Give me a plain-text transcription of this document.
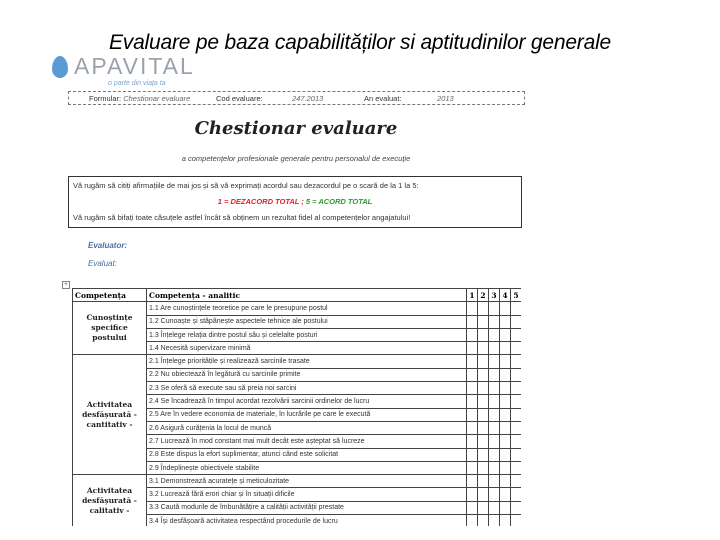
Evaluare pe baza capabilităților si aptitudinilor generale
APAVITAL
o parte din viața ta
Formular: Chestionar evaluare	Cod evaluare:	247.2013	An evaluat:	2013
Chestionar evaluare
a competențelor profesionale generale pentru personalul de execuție
Vă rugăm să citiți afirmațiile de mai jos și să vă exprimați acordul sau dezacordul pe o scară de la 1 la 5:
1 = DEZACORD TOTAL ; 5 = ACORD TOTAL
Vă rugăm să bifați toate căsuțele astfel încât să obținem un rezultat fidel al competențelor angajatului!
Evaluator:
Evaluat:
+
Competența	Competența - analitic	1	2	3	4	5
Cunoștințe specifice postului	1.1 Are cunoștințele teoretice pe care le presupune postul					
	1.2 Cunoaște și stăpânește aspectele tehnice ale postului					
	1.3 Înțelege relația dintre postul său și celelalte posturi					
	1.4 Necesită supervizare minimă					
Activitatea desfășurată - cantitativ -	2.1 Înțelege prioritățile și realizează sarcinile trasate					
	2.2 Nu obiectează în legătură cu sarcinile primite					
	2.3 Se oferă să execute sau să preia noi sarcini					
	2.4 Se încadrează în timpul acordat rezolvării sarcinii ordinelor de lucru					
	2.5 Are în vedere economia de materiale, în lucrările pe care le execută					
	2.6 Asigură curățenia la locul de muncă					
	2.7 Lucrează în mod constant mai mult decât este așteptat să lucreze					
	2.8 Este dispus la efort suplimentar, atunci când este solicitat					
	2.9 Îndeplinește obiectivele stabilite					
Activitatea desfășurată - calitativ -	3.1 Demonstrează acuratețe și meticulozitate					
	3.2 Lucrează fără erori chiar și în situații dificile					
	3.3 Caută modurile de îmbunătățire a calității activității prestate					
	3.4 Își desfășoară activitatea respectând procedurile de lucru					
